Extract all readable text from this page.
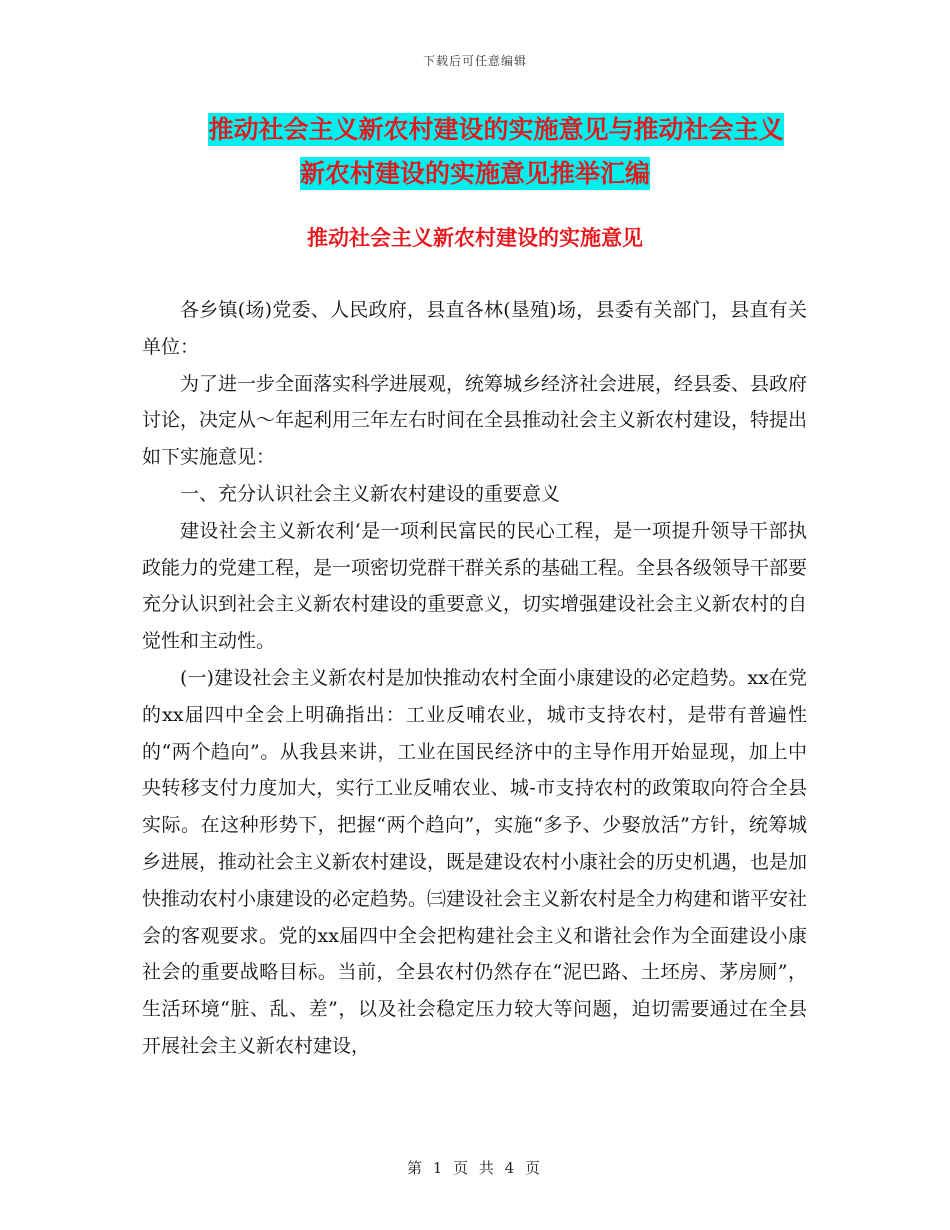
下载后可任意编辑
推动社会主义新农村建设的实施意见与推动社会主义
新农村建设的实施意见推举汇编
推动社会主义新农村建设的实施意见

各乡镇(场)党委、人民政府，县直各林(垦殖)场，县委有关部门，县直有关单位：

为了进一步全面落实科学进展观，统筹城乡经济社会进展，经县委、县政府讨论，决定从～年起利用三年左右时间在全县推动社会主义新农村建设，特提出如下实施意见：

一、充分认识社会主义新农村建设的重要意义

建设社会主义新农利‘是一项利民富民的民心工程，是一项提升领导干部执政能力的党建工程，是一项密切党群干群关系的基础工程。全县各级领导干部要充分认识到社会主义新农村建设的重要意义，切实增强建设社会主义新农村的自觉性和主动性。

(一)建设社会主义新农村是加快推动农村全面小康建设的必定趋势。xx在党的xx届四中全会上明确指出：工业反哺农业，城市支持农村，是带有普遍性的“两个趋向”。从我县来讲，工业在国民经济中的主导作用开始显现，加上中央转移支付力度加大，实行工业反哺农业、城-市支持农村的政策取向符合全县实际。在这种形势下，把握“两个趋向”，实施“多予、少娶放活”方针，统筹城乡进展，推动社会主义新农村建设，既是建设农村小康社会的历史机遇，也是加快推动农村小康建设的必定趋势。㈢建设社会主义新农村是全力构建和谐平安社会的客观要求。党的xx届四中全会把构建社会主义和谐社会作为全面建设小康社会的重要战略目标。当前，全县农村仍然存在“泥巴路、土坯房、茅房厕”，生活环境“脏、乱、差”，以及社会稳定压力较大等问题，迫切需要通过在全县开展社会主义新农村建设，

第 1 页 共 4 页
